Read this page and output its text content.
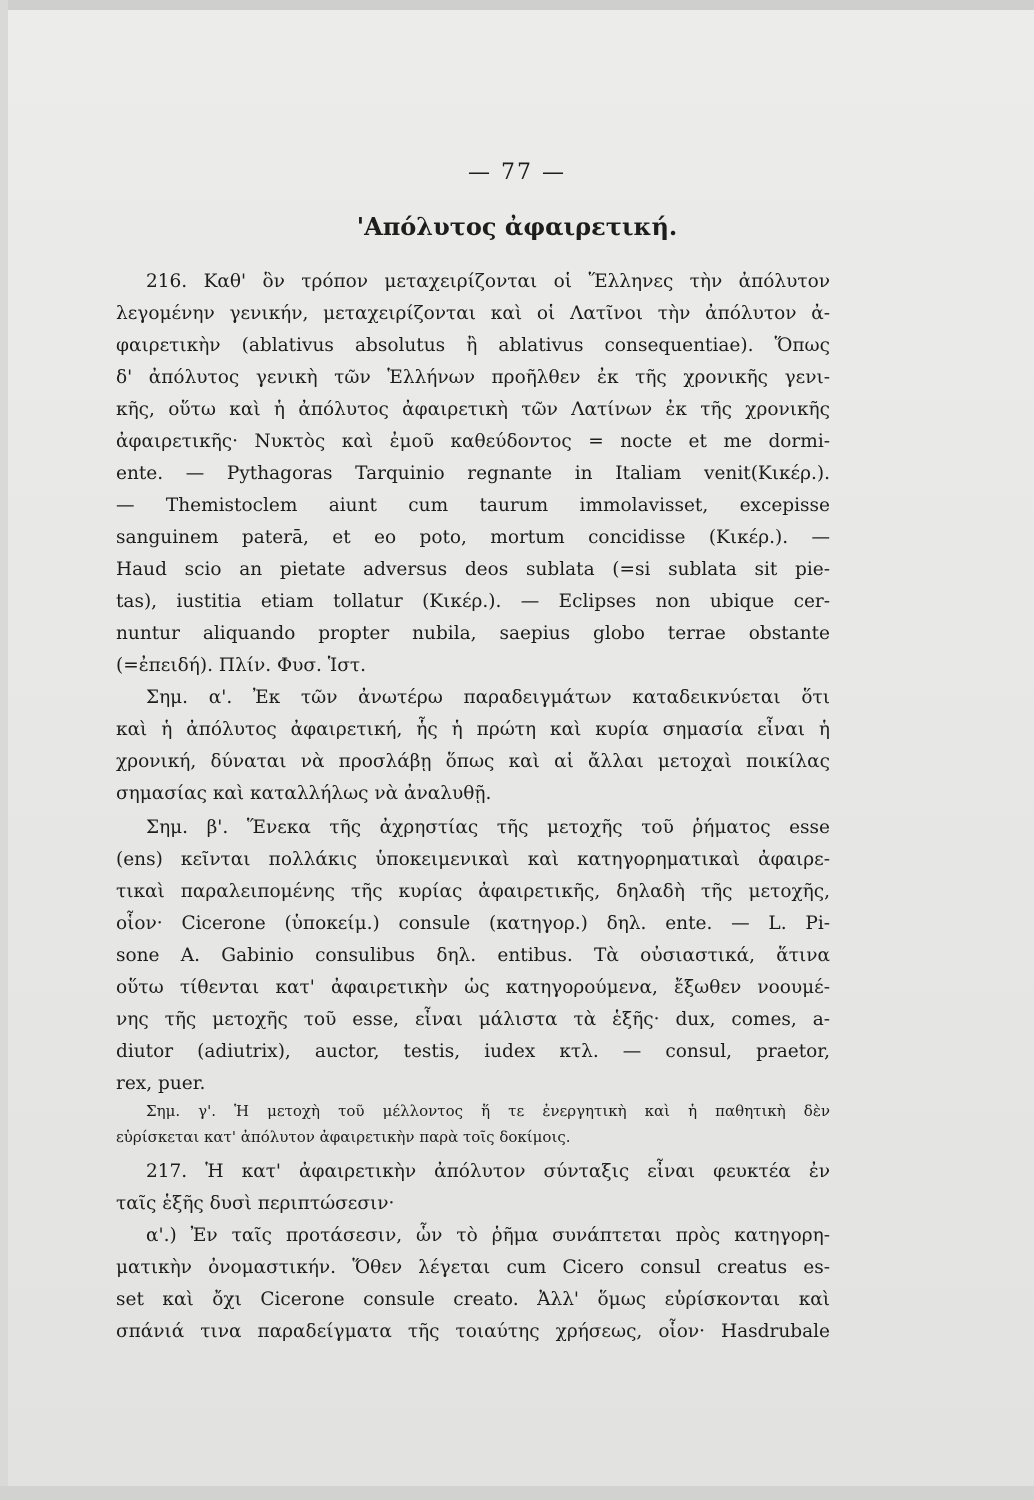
— 77 —
'Απόλυτος ἀφαιρετική.
216. Καθ' ὃν τρόπον μεταχειρίζονται οἱ Ἕλληνες τὴν ἀπόλυτον
λεγομένην γενικήν, μεταχειρίζονται καὶ οἱ Λατῖνοι τὴν ἀπόλυτον ἀ-
φαιρετικὴν (ablativus absolutus ἢ ablativus consequentiae). Ὅπως
δ' ἀπόλυτος γενικὴ τῶν Ἑλλήνων προῆλθεν ἐκ τῆς χρονικῆς γενι-
κῆς, οὕτω καὶ ἡ ἀπόλυτος ἀφαιρετικὴ τῶν Λατίνων ἐκ τῆς χρονικῆς
ἀφαιρετικῆς· Νυκτὸς καὶ ἐμοῦ καθεύδοντος = nocte et me dormi-
ente. — Pythagoras Tarquinio regnante in Italiam venit(Κικέρ.).
— Themistoclem aiunt cum taurum immolavisset, excepisse
sanguinem paterā, et eo poto, mortum concidisse (Κικέρ.). —
Haud scio an pietate adversus deos sublata (=si sublata sit pie-
tas), iustitia etiam tollatur (Κικέρ.). — Eclipses non ubique cer-
nuntur aliquando propter nubila, saepius globo terrae obstante
(=ἐπειδή). Πλίν. Φυσ. Ἱστ.
Σημ. α'. Ἐκ τῶν ἀνωτέρω παραδειγμάτων καταδεικνύεται ὅτι
καὶ ἡ ἀπόλυτος ἀφαιρετική, ἧς ἡ πρώτη καὶ κυρία σημασία εἶναι ἡ
χρονική, δύναται νὰ προσλάβῃ ὅπως καὶ αἱ ἄλλαι μετοχαὶ ποικίλας
σημασίας καὶ καταλλήλως νὰ ἀναλυθῇ.
Σημ. β'. Ἕνεκα τῆς ἀχρηστίας τῆς μετοχῆς τοῦ ῥήματος esse
(ens) κεῖνται πολλάκις ὑποκειμενικαὶ καὶ κατηγορηματικαὶ ἀφαιρε-
τικαὶ παραλειπομένης τῆς κυρίας ἀφαιρετικῆς, δηλαδὴ τῆς μετοχῆς,
οἷον· Cicerone (ὑποκείμ.) consule (κατηγορ.) δηλ. ente. — L. Pi-
sone A. Gabinio consulibus δηλ. entibus. Τὰ οὐσιαστικά, ἅτινα
οὕτω τίθενται κατ' ἀφαιρετικὴν ὡς κατηγορούμενα, ἔξωθεν νοουμέ-
νης τῆς μετοχῆς τοῦ esse, εἶναι μάλιστα τὰ ἑξῆς· dux, comes, a-
diutor (adiutrix), auctor, testis, iudex κτλ. — consul, praetor,
rex, puer.
Σημ. γ'. Ἡ μετοχὴ τοῦ μέλλοντος ἥ τε ἐνεργητικὴ καὶ ἡ παθητικὴ δὲν
εὑρίσκεται κατ' ἀπόλυτον ἀφαιρετικὴν παρὰ τοῖς δοκίμοις.
217. Ἡ κατ' ἀφαιρετικὴν ἀπόλυτον σύνταξις εἶναι φευκτέα ἐν
ταῖς ἑξῆς δυσὶ περιπτώσεσιν·
α'.) Ἐν ταῖς προτάσεσιν, ὧν τὸ ῥῆμα συνάπτεται πρὸς κατηγορη-
ματικὴν ὀνομαστικήν. Ὅθεν λέγεται cum Cicero consul creatus es-
set καὶ ὄχι Cicerone consule creato. Ἀλλ' ὅμως εὑρίσκονται καὶ
σπάνιά τινα παραδείγματα τῆς τοιαύτης χρήσεως, οἷον· Hasdrubale
